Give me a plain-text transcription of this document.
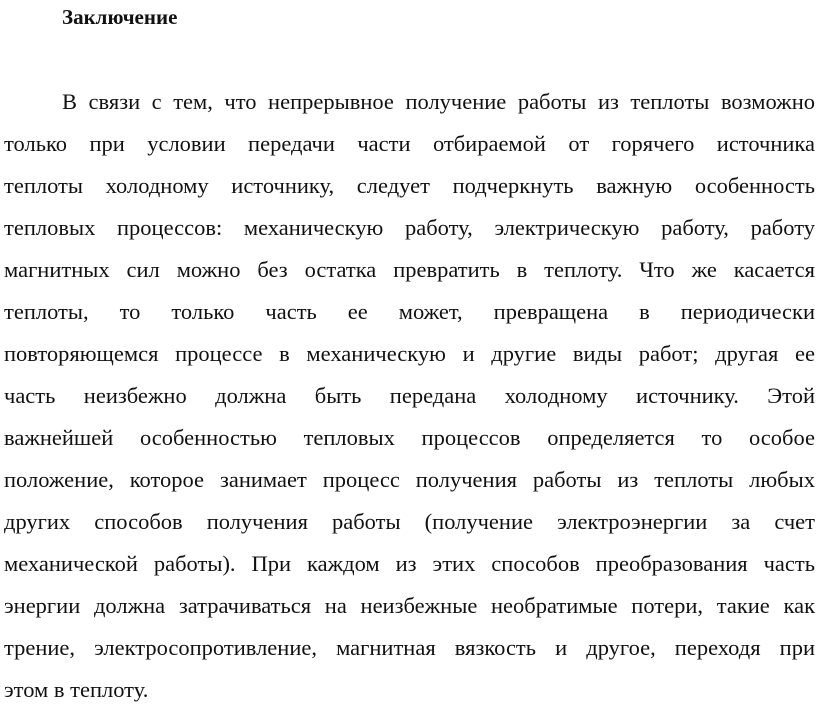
Заключение
В связи с тем, что непрерывное получение работы из теплоты возможно
только при условии передачи части отбираемой от горячего источника
теплоты холодному источнику, следует подчеркнуть важную особенность
тепловых процессов: механическую работу, электрическую работу, работу
магнитных сил можно без остатка превратить в теплоту. Что же касается
теплоты, то только часть ее может, превращена в периодически
повторяющемся процессе в механическую и другие виды работ; другая ее
часть неизбежно должна быть передана холодному источнику. Этой
важнейшей особенностью тепловых процессов определяется то особое
положение, которое занимает процесс получения работы из теплоты любых
других способов получения работы (получение электроэнергии за счет
механической работы). При каждом из этих способов преобразования часть
энергии должна затрачиваться на неизбежные необратимые потери, такие как
трение, электросопротивление, магнитная вязкость и другое, переходя при
этом в теплоту.
